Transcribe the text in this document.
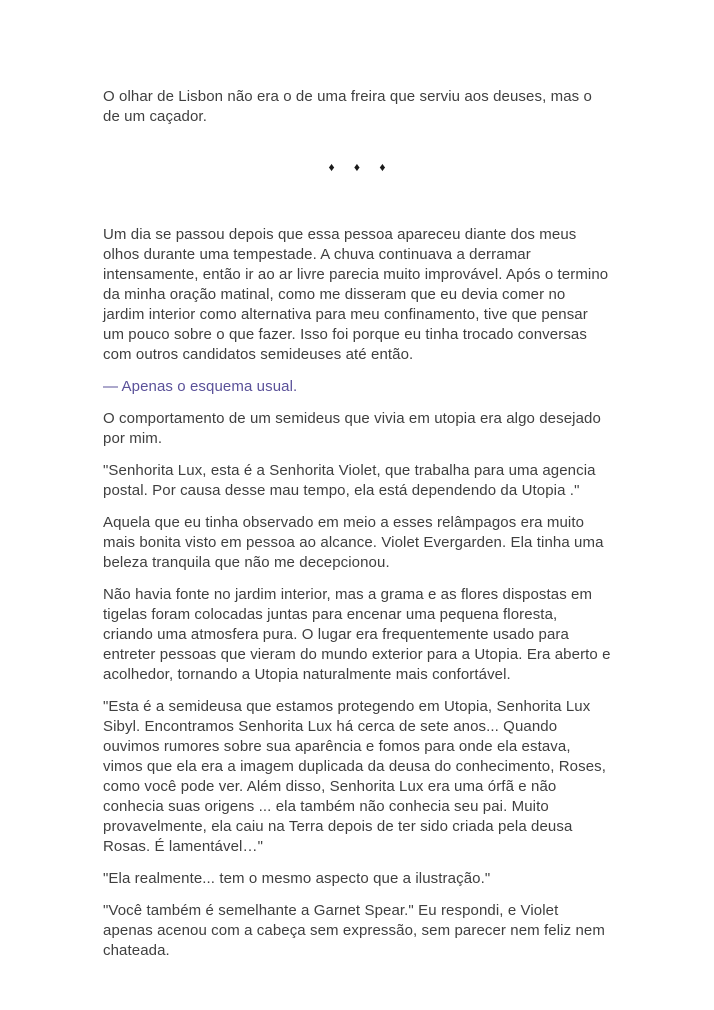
O olhar de Lisbon não era o de uma freira que serviu aos deuses, mas o de um caçador.

♦ ♦ ♦

Um dia se passou depois que essa pessoa apareceu diante dos meus olhos durante uma tempestade. A chuva continuava a derramar intensamente, então ir ao ar livre parecia muito improvável. Após o termino da minha oração matinal, como me disseram que eu devia comer no jardim interior como alternativa para meu confinamento, tive que pensar um pouco sobre o que fazer. Isso foi porque eu tinha trocado conversas com outros candidatos semideuses até então.

— Apenas o esquema usual.

O comportamento de um semideus que vivia em utopia era algo desejado por mim.

"Senhorita Lux, esta é a Senhorita Violet, que trabalha para uma agencia postal. Por causa desse mau tempo, ela está dependendo da Utopia ."

Aquela que eu tinha observado em meio a esses relâmpagos era muito mais bonita visto em pessoa ao alcance. Violet Evergarden. Ela tinha uma beleza tranquila que não me decepcionou.

Não havia fonte no jardim interior, mas a grama e as flores dispostas em tigelas foram colocadas juntas para encenar uma pequena floresta, criando uma atmosfera pura. O lugar era frequentemente usado para entreter pessoas que vieram do mundo exterior para a Utopia. Era aberto e acolhedor, tornando a Utopia naturalmente mais confortável.

"Esta é a semideusa que estamos protegendo em Utopia, Senhorita Lux Sibyl. Encontramos Senhorita Lux há cerca de sete anos... Quando ouvimos rumores sobre sua aparência e fomos para onde ela estava, vimos que ela era a imagem duplicada da deusa do conhecimento, Roses, como você pode ver. Além disso, Senhorita Lux era uma órfã e não conhecia suas origens ... ela também não conhecia seu pai. Muito provavelmente, ela caiu na Terra depois de ter sido criada pela deusa Rosas. É lamentável…"

"Ela realmente... tem o mesmo aspecto que a ilustração."

"Você também é semelhante a Garnet Spear." Eu respondi, e Violet apenas acenou com a cabeça sem expressão, sem parecer nem feliz nem chateada.
